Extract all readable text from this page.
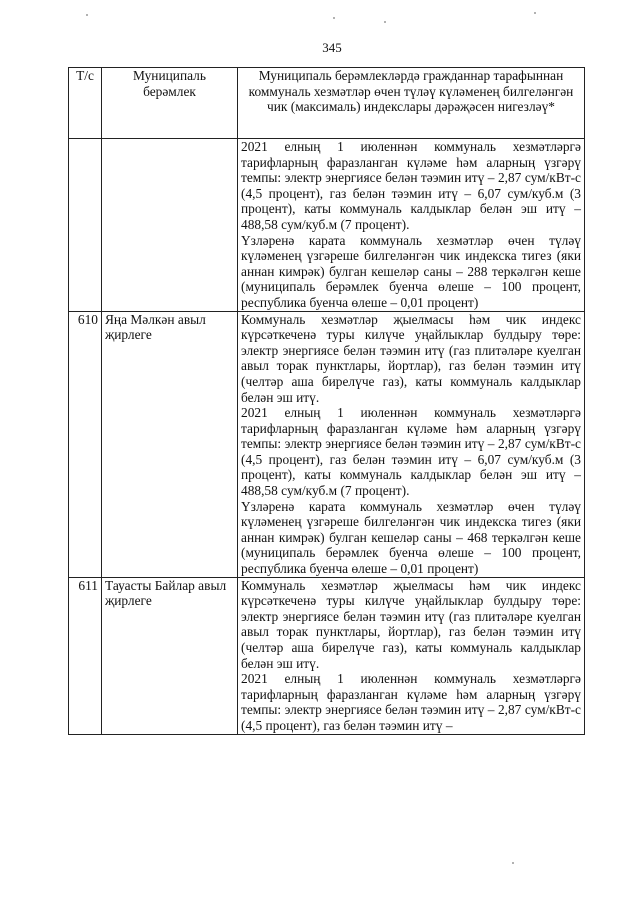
345
Т/с	Муниципаль берәмлек	Муниципаль берәмлекләрдә гражданнар тарафыннан коммуналь хезмәтләр өчен түләү күләменең билгеләнгән чик (максималь) индекслары дәрәҗәсен нигезләү*

		2021 елның 1 июленнән коммуналь хезмәтләргә тарифларның фаразланган күләме һәм аларның үзгәрү темпы: электр энергиясе белән тәэмин итү – 2,87 сум/кВт-с (4,5 процент), газ белән тәэмин итү – 6,07 сум/куб.м (3 процент), каты коммуналь калдыклар белән эш итү – 488,58 сум/куб.м (7 процент).

Үзләренә карата коммуналь хезмәтләр өчен түләү күләменең үзгәреше билгеләнгән чик индекска тигез (яки аннан кимрәк) булган кешеләр саны – 288 теркәлгән кеше (муниципаль берәмлек буенча өлеше – 100 процент, республика буенча өлеше – 0,01 процент)

610	Яңа Мәлкән авыл җирлеге	Коммуналь хезмәтләр җыелмасы һәм чик индекс күрсәткеченә туры килүче уңайлыклар булдыру төре: электр энергиясе белән тәэмин итү (газ плитәләре куелган авыл торак пунктлары, йортлар), газ белән тәэмин итү (челтәр аша бирелүче газ), каты коммуналь калдыклар белән эш итү.

2021 елның 1 июленнән коммуналь хезмәтләргә тарифларның фаразланган күләме һәм аларның үзгәрү темпы: электр энергиясе белән тәэмин итү – 2,87 сум/кВт-с (4,5 процент), газ белән тәэмин итү – 6,07 сум/куб.м (3 процент), каты коммуналь калдыклар белән эш итү – 488,58 сум/куб.м (7 процент).

Үзләренә карата коммуналь хезмәтләр өчен түләү күләменең үзгәреше билгеләнгән чик индекска тигез (яки аннан кимрәк) булган кешеләр саны – 468 теркәлгән кеше (муниципаль берәмлек буенча өлеше – 100 процент, республика буенча өлеше – 0,01 процент)

611	Тауасты Байлар авыл җирлеге	Коммуналь хезмәтләр җыелмасы һәм чик индекс күрсәткеченә туры килүче уңайлыклар булдыру төре: электр энергиясе белән тәэмин итү (газ плитәләре куелган авыл торак пунктлары, йортлар), газ белән тәэмин итү (челтәр аша бирелүче газ), каты коммуналь калдыклар белән эш итү.

2021 елның 1 июленнән коммуналь хезмәтләргә тарифларның фаразланган күләме һәм аларның үзгәрү темпы: электр энергиясе белән тәэмин итү – 2,87 сум/кВт-с (4,5 процент), газ белән тәэмин итү –
